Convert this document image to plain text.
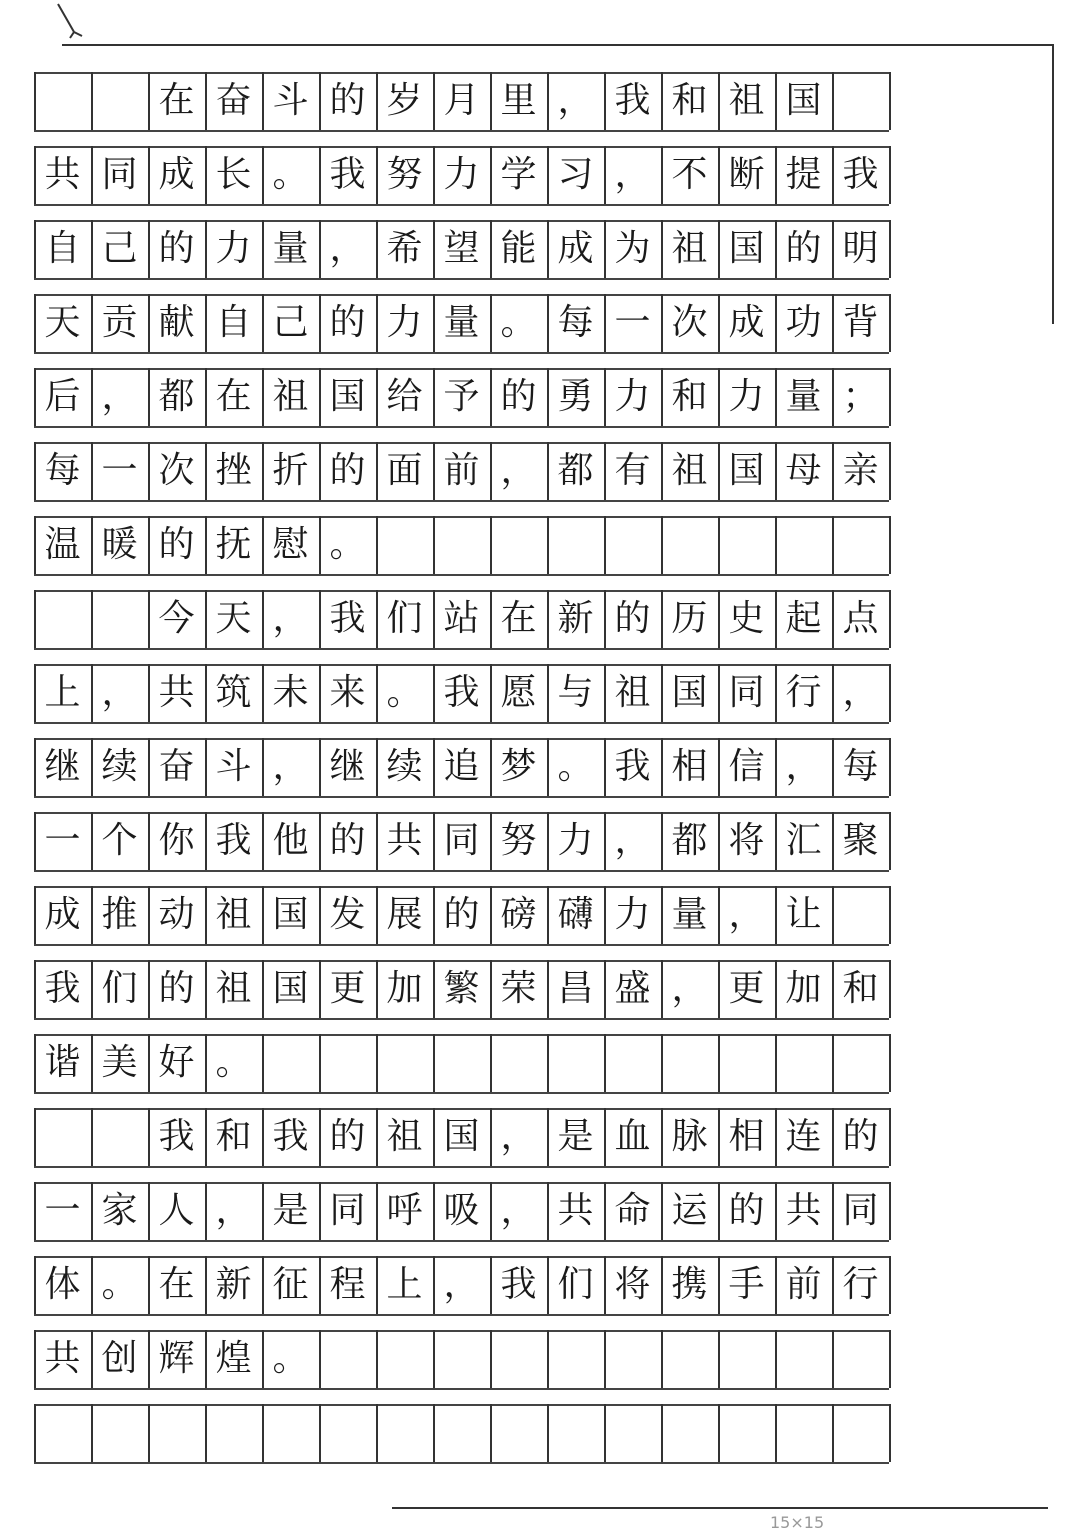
在 奋 斗 的 岁 月 里 ， 我 和 祖 国
共 同 成 长 。 我 努 力 学 习 ， 不 断 提 我
自 己 的 力 量 ， 希 望 能 成 为 祖 国 的 明
天 贡 献 自 己 的 力 量 。 每 一 次 成 功 背
后 ， 都 在 祖 国 给 予 的 勇 力 和 力 量 ；
每 一 次 挫 折 的 面 前 ， 都 有 祖 国 母 亲
温 暖 的 抚 慰 。
今 天 ， 我 们 站 在 新 的 历 史 起 点
上 ， 共 筑 未 来 。 我 愿 与 祖 国 同 行 ，
继 续 奋 斗 ， 继 续 追 梦 。 我 相 信 ， 每
一 个 你 我 他 的 共 同 努 力 ， 都 将 汇 聚
成 推 动 祖 国 发 展 的 磅 礴 力 量 ， 让
我 们 的 祖 国 更 加 繁 荣 昌 盛 ， 更 加 和
谐 美 好 。
我 和 我 的 祖 国 ， 是 血 脉 相 连 的
一 家 人 ， 是 同 呼 吸 ， 共 命 运 的 共 同
体 。 在 新 征 程 上 ， 我 们 将 携 手 前 行
共 创 辉 煌 。
15×15
